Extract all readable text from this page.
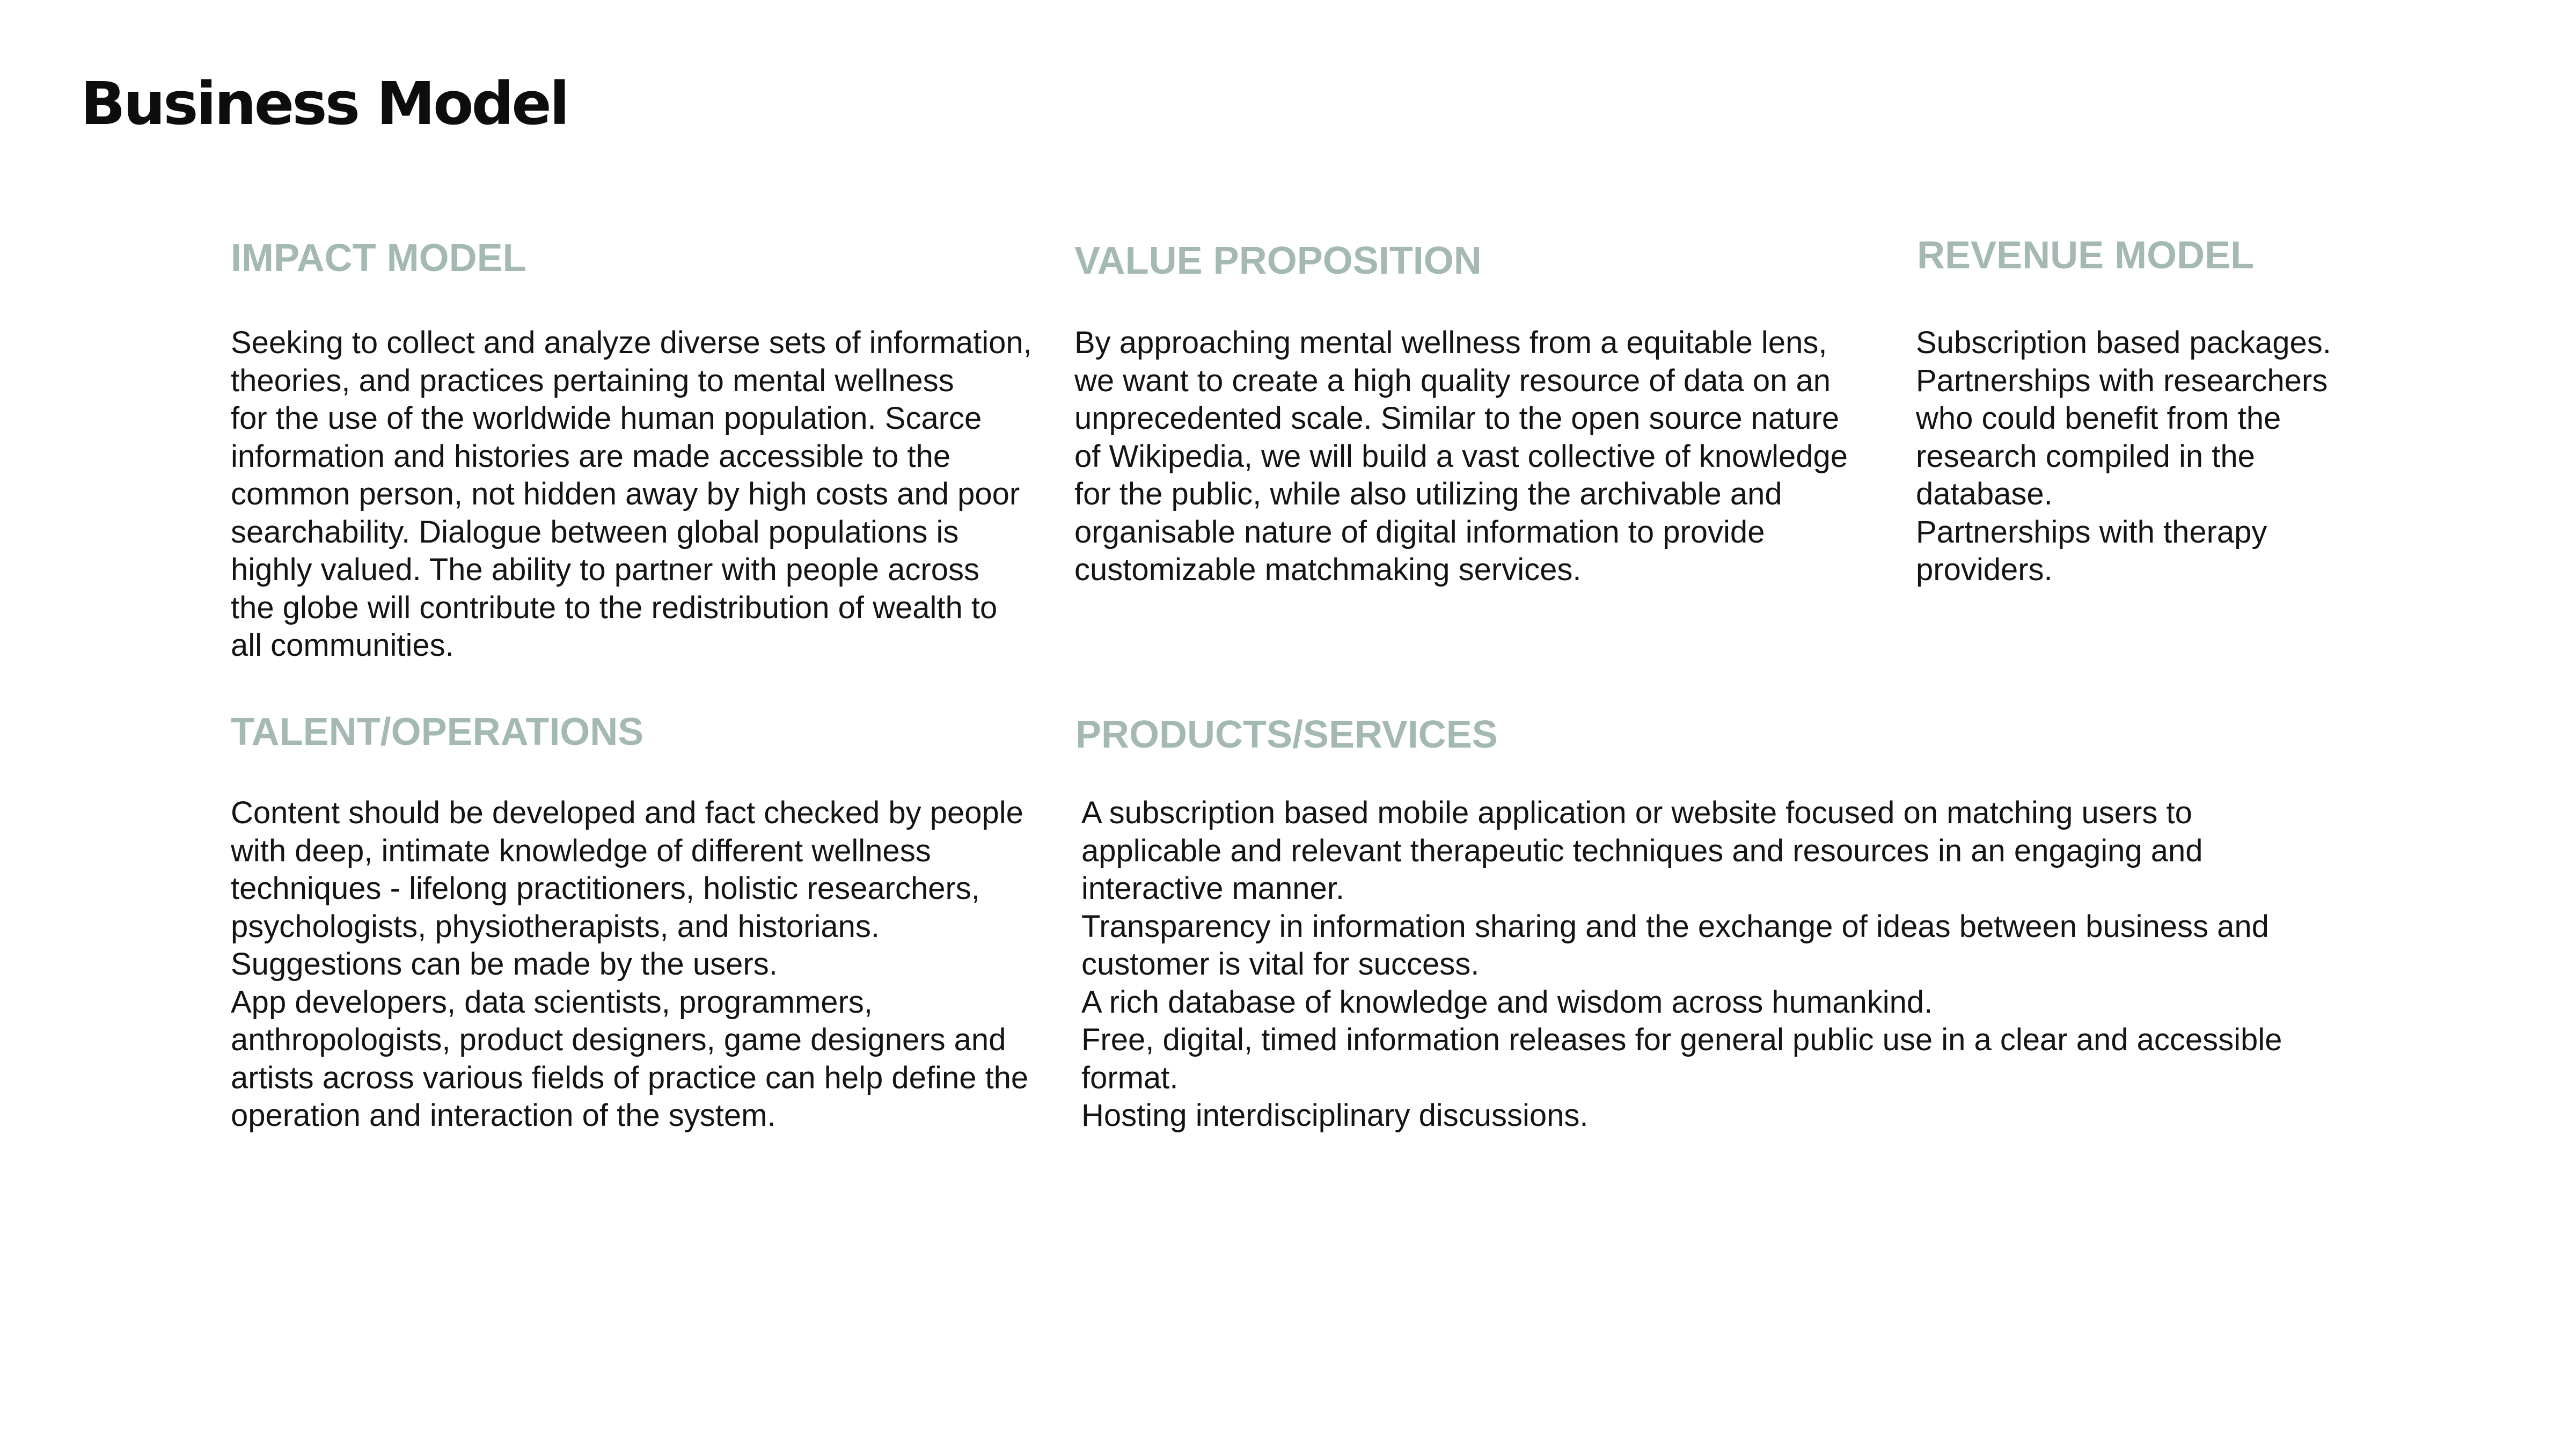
Business Model
IMPACT MODEL

Seeking to collect and analyze diverse sets of information,
theories, and practices pertaining to mental wellness
for the use of the worldwide human population. Scarce
information and histories are made accessible to the
common person, not hidden away by high costs and poor
searchability. Dialogue between global populations is
highly valued. The ability to partner with people across
the globe will contribute to the redistribution of wealth to
all communities.

VALUE PROPOSITION

By approaching mental wellness from a equitable lens,
we want to create a high quality resource of data on an
unprecedented scale. Similar to the open source nature
of Wikipedia, we will build a vast collective of knowledge
for the public, while also utilizing the archivable and
organisable nature of digital information to provide
customizable matchmaking services.

REVENUE MODEL

Subscription based packages.
Partnerships with researchers
who could benefit from the
research compiled in the
database.
Partnerships with therapy
providers.

TALENT/OPERATIONS

Content should be developed and fact checked by people
with deep, intimate knowledge of different wellness
techniques - lifelong practitioners, holistic researchers,
psychologists, physiotherapists, and historians.
Suggestions can be made by the users.
App developers, data scientists, programmers,
anthropologists, product designers, game designers and
artists across various fields of practice can help define the
operation and interaction of the system.

PRODUCTS/SERVICES

A subscription based mobile application or website focused on matching users to
applicable and relevant therapeutic techniques and resources in an engaging and
interactive manner.
Transparency in information sharing and the exchange of ideas between business and
customer is vital for success.
A rich database of knowledge and wisdom across humankind.
Free, digital, timed information releases for general public use in a clear and accessible
format.
Hosting interdisciplinary discussions.
